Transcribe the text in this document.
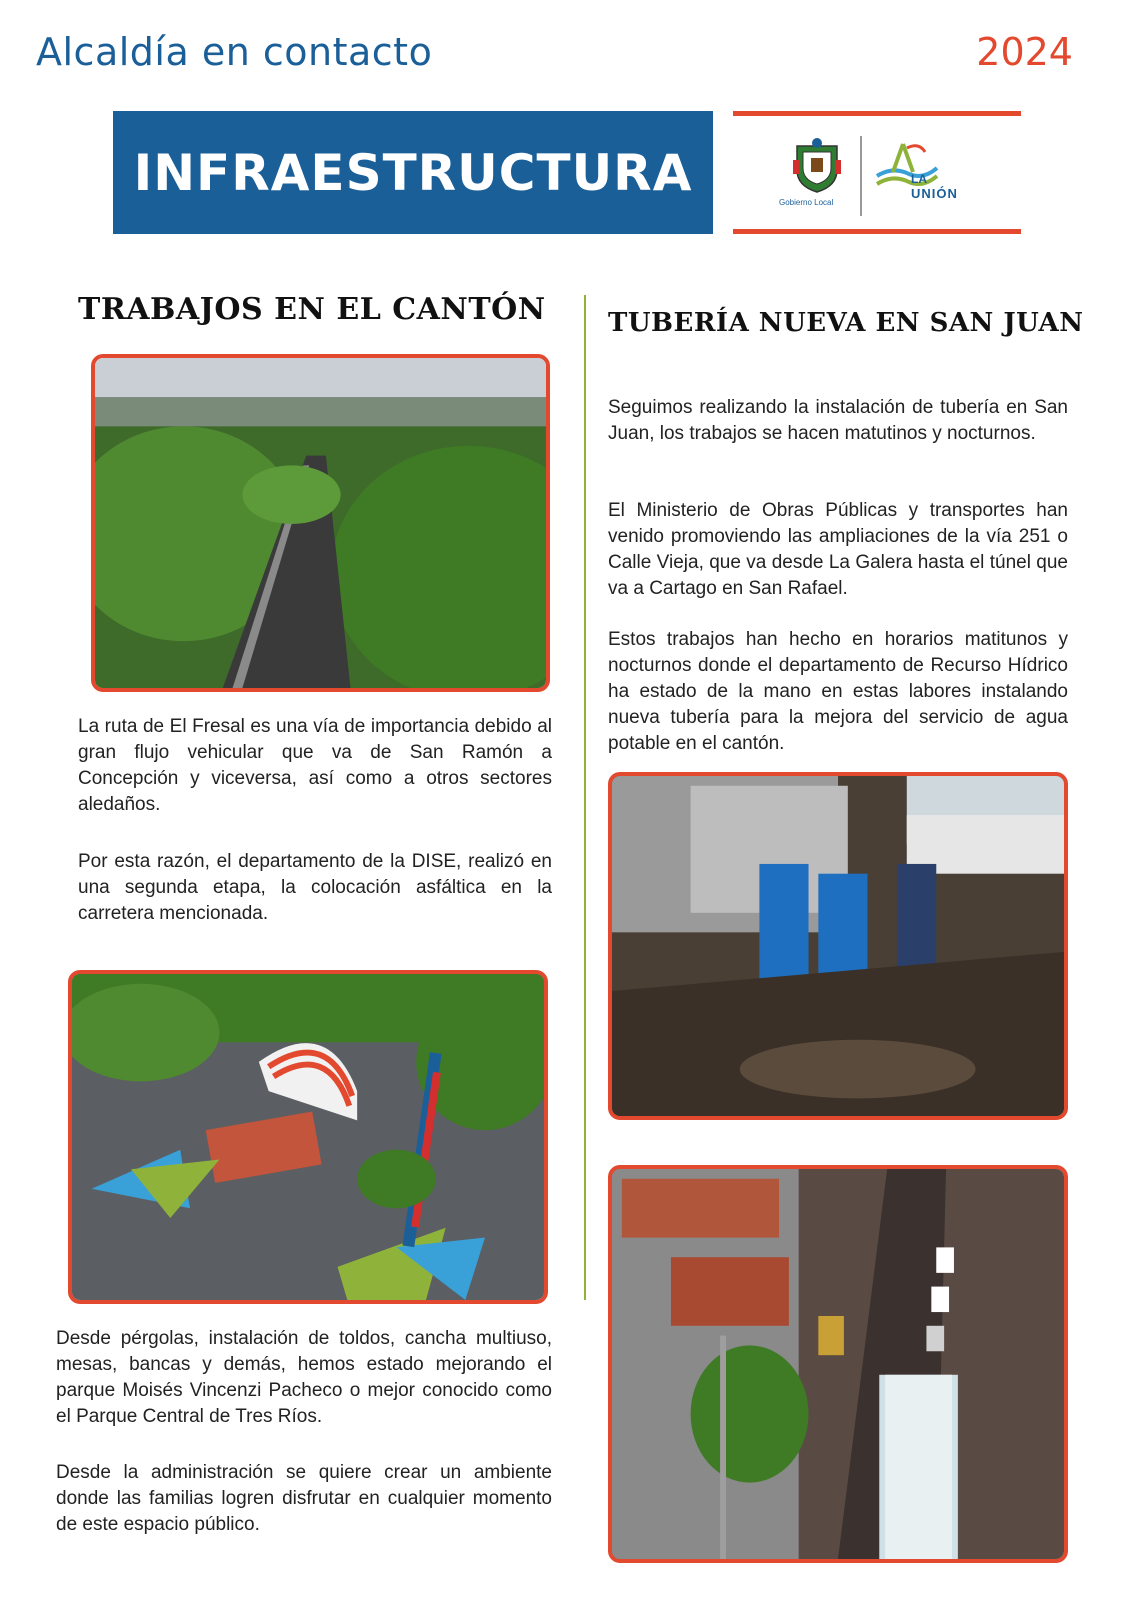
Alcaldía en contacto	2024
INFRAESTRUCTURA
Gobierno Local
LA
UNIÓN
TRABAJOS EN EL CANTÓN TUBERÍA NUEVA EN SAN JUAN
La ruta de El Fresal es una vía de importancia debido al gran flujo vehicular que va de San Ramón a Concepción y viceversa, así como a otros sectores aledaños.
Por esta razón, el departamento de la DISE, realizó en una segunda etapa, la colocación asfáltica en la carretera mencionada.
Desde pérgolas, instalación de toldos, cancha multiuso, mesas, bancas y demás, hemos estado mejorando el parque Moisés Vincenzi Pacheco o mejor conocido como el Parque Central de Tres Ríos.
Desde la administración se quiere crear un ambiente donde las familias logren disfrutar en cualquier momento de este espacio público.
Seguimos realizando la instalación de tubería en San Juan, los trabajos se hacen matutinos y nocturnos.
El Ministerio de Obras Públicas y transportes han venido promoviendo las ampliaciones de la vía 251 o Calle Vieja, que va desde La Galera hasta el túnel que va a Cartago en San Rafael.
Estos trabajos han hecho en horarios matitunos y nocturnos donde el departamento de Recurso Hídrico ha estado de la mano en estas labores instalando nueva tubería para la mejora del servicio de agua potable en el cantón.
